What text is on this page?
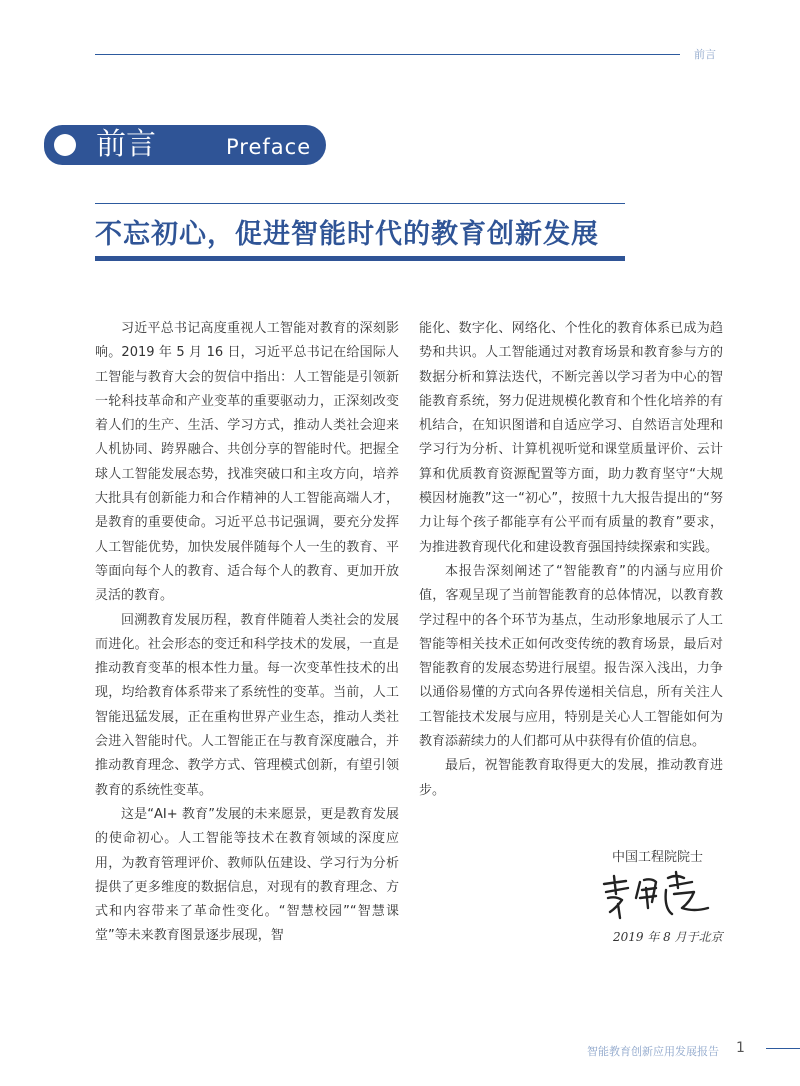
前言
前言	Preface
不忘初心，促进智能时代的教育创新发展

习近平总书记高度重视人工智能对教育的深刻影响。2019 年 5 月 16 日，习近平总书记在给国际人工智能与教育大会的贺信中指出：人工智能是引领新一轮科技革命和产业变革的重要驱动力，正深刻改变着人们的生产、生活、学习方式，推动人类社会迎来人机协同、跨界融合、共创分享的智能时代。把握全球人工智能发展态势，找准突破口和主攻方向，培养大批具有创新能力和合作精神的人工智能高端人才，是教育的重要使命。习近平总书记强调，要充分发挥人工智能优势，加快发展伴随每个人一生的教育、平等面向每个人的教育、适合每个人的教育、更加开放灵活的教育。

回溯教育发展历程，教育伴随着人类社会的发展而进化。社会形态的变迁和科学技术的发展，一直是推动教育变革的根本性力量。每一次变革性技术的出现，均给教育体系带来了系统性的变革。当前，人工智能迅猛发展，正在重构世界产业生态，推动人类社会进入智能时代。人工智能正在与教育深度融合，并推动教育理念、教学方式、管理模式创新，有望引领教育的系统性变革。

这是“AI+ 教育”发展的未来愿景，更是教育发展的使命初心。人工智能等技术在教育领域的深度应用，为教育管理评价、教师队伍建设、学习行为分析提供了更多维度的数据信息，对现有的教育理念、方式和内容带来了革命性变化。“智慧校园”“智慧课堂”等未来教育图景逐步展现，智

能化、数字化、网络化、个性化的教育体系已成为趋势和共识。人工智能通过对教育场景和教育参与方的数据分析和算法迭代，不断完善以学习者为中心的智能教育系统，努力促进规模化教育和个性化培养的有机结合，在知识图谱和自适应学习、自然语言处理和学习行为分析、计算机视听觉和课堂质量评价、云计算和优质教育资源配置等方面，助力教育坚守“大规模因材施教”这一“初心”，按照十九大报告提出的“努力让每个孩子都能享有公平而有质量的教育”要求，为推进教育现代化和建设教育强国持续探索和实践。

本报告深刻阐述了“智能教育”的内涵与应用价值，客观呈现了当前智能教育的总体情况，以教育教学过程中的各个环节为基点，生动形象地展示了人工智能等相关技术正如何改变传统的教育场景，最后对智能教育的发展态势进行展望。报告深入浅出，力争以通俗易懂的方式向各界传递相关信息，所有关注人工智能技术发展与应用，特别是关心人工智能如何为教育添薪续力的人们都可从中获得有价值的信息。

最后，祝智能教育取得更大的发展，推动教育进步。

中国工程院院士
2019 年 8 月于北京
智能教育创新应用发展报告 1
